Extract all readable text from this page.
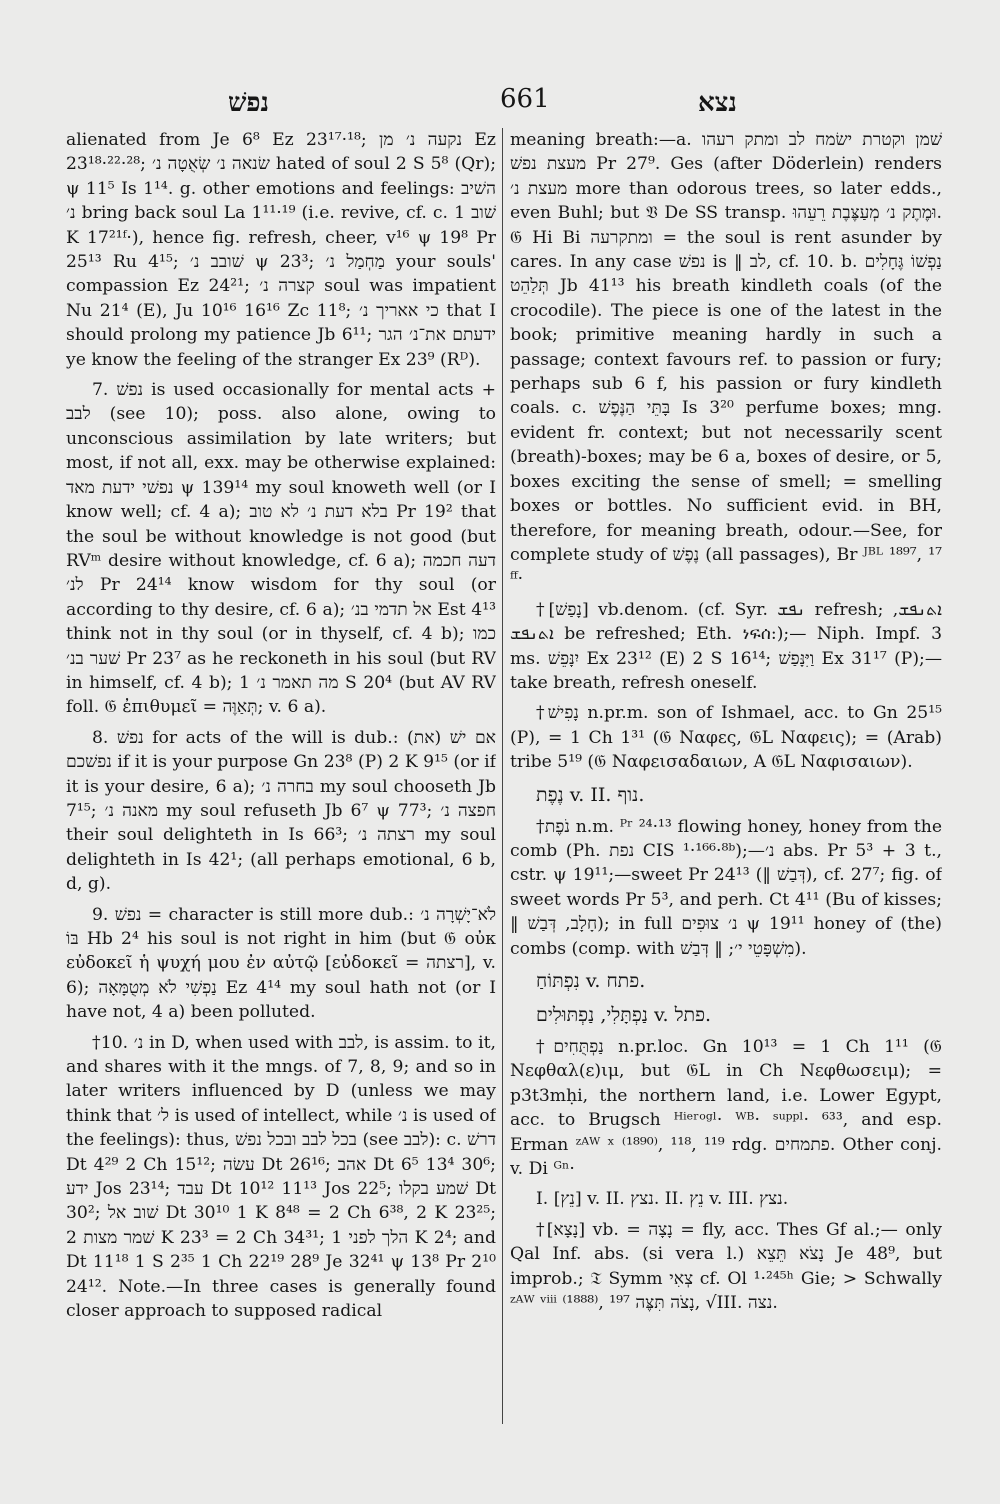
נפשׁ	661	נצא

alienated from Je 6⁸ Ez 23¹⁷·¹⁸; נקעה נ׳ מן Ez 23¹⁸·²²·²⁸; שׂנאה נ׳ שְׂאֻטָה נ׳ hated of soul 2 S 5⁸ (Qr); ψ 11⁵ Is 1¹⁴. g. other emotions and feelings: השׁיב נ׳ bring back soul La 1¹¹·¹⁹ (i.e. revive, cf. c. שׁוב 1 K 17²¹ᶠ·), hence fig. refresh, cheer, v¹⁶ ψ 19⁸ Pr 25¹³ Ru 4¹⁵; שׁובב נ׳ ψ 23³; מַחְמַל נ׳ your souls' compassion Ez 24²¹; קצרה נ׳ soul was impatient Nu 21⁴ (E), Ju 10¹⁶ 16¹⁶ Zc 11⁸; כי אאריך נ׳ that I should prolong my patience Jb 6¹¹; ידעתם את־נ׳ הגר ye know the feeling of the stranger Ex 23⁹ (Rᴰ).

7. נפשׁ is used occasionally for mental acts + לבב (see 10); poss. also alone, owing to unconscious assimilation by late writers; but most, if not all, exx. may be otherwise explained: נפשׁי ידעת מאד ψ 139¹⁴ my soul knoweth well (or I know well; cf. 4 a); בלא דעת נ׳ לא טוב Pr 19² that the soul be without knowledge is not good (but RVᵐ desire without knowledge, cf. 6 a); דעה חכמה לנ׳ Pr 24¹⁴ know wisdom for thy soul (or according to thy desire, cf. 6 a); אל תדמי בנ׳ Est 4¹³ think not in thy soul (or in thyself, cf. 4 b); כמו שׁער בנ׳ Pr 23⁷ as he reckoneth in his soul (but RV in himself, cf. 4 b); מה תאמר נ׳ 1 S 20⁴ (but AV RV foll. 𝔊 ἐπιθυμεῖ = תְּאַוֶּה; v. 6 a).

8. נפשׁ for acts of the will is dub.: אם ישׁ (את) נפשׁכם if it is your purpose Gn 23⁸ (P) 2 K 9¹⁵ (or if it is your desire, 6 a); בחרה נ׳ my soul chooseth Jb 7¹⁵; מאנה נ׳ my soul refuseth Jb 6⁷ ψ 77³; חפצה נ׳ their soul delighteth in Is 66³; רצתה נ׳ my soul delighteth in Is 42¹; (all perhaps emotional, 6 b, d, g).

9. נפשׁ = character is still more dub.: לֹא־יָשְׁרָה נ׳ בּוֹ Hb 2⁴ his soul is not right in him (but 𝔊 οὐκ εὐδοκεῖ ἡ ψυχή μου ἐν αὐτῷ [εὐδοκεῖ = רצתה], v. 6); נַפְשִׁי לֹא מְטֻמָּאָה Ez 4¹⁴ my soul hath not (or I have not, 4 a) been polluted.

†10. נ׳ in D, when used with לבב, is assim. to it, and shares with it the mngs. of 7, 8, 9; and so in later writers influenced by D (unless we may think that ל׳ is used of intellect, while נ׳ is used of the feelings): thus, בכל לבב ובכל נפשׁ (see לבב): c. דרשׁ Dt 4²⁹ 2 Ch 15¹²; עשׂה Dt 26¹⁶; אהב Dt 6⁵ 13⁴ 30⁶; ידע Jos 23¹⁴; עבד Dt 10¹² 11¹³ Jos 22⁵; שׁמע בקלו Dt 30²; שׁוב אל Dt 30¹⁰ 1 K 8⁴⁸ = 2 Ch 6³⁸, 2 K 23²⁵; שׁמר מצות 2 K 23³ = 2 Ch 34³¹; הלך לפני 1 K 2⁴; and Dt 11¹⁸ 1 S 2³⁵ 1 Ch 22¹⁹ 28⁹ Je 32⁴¹ ψ 13⁸ Pr 2¹⁰ 24¹². Note.—In three cases is generally found closer approach to supposed radical

meaning breath:—a. שׁמן וקטרת ישׂמח לב ומתק רעהו מעצת נפשׁ Pr 27⁹. Ges (after Döderlein) renders מעצת נ׳ more than odorous trees, so later edds., even Buhl; but 𝔙 De SS transp. וּמֶתֶק נ׳ מְעַצֶּבֶת רֵעֵהוּ. 𝔊 Hi Bi ומתקרעה = the soul is rent asunder by cares. In any case נפשׁ is ‖ לב, cf. 10. b. נַפְשׁוֹ גֶּחָלִים תְּלַהֵט Jb 41¹³ his breath kindleth coals (of the crocodile). The piece is one of the latest in the book; primitive meaning hardly in such a passage; context favours ref. to passion or fury; perhaps sub 6 f, his passion or fury kindleth coals. c. בָּתֵּי הַנֶּפֶשׁ Is 3²⁰ perfume boxes; mng. evident fr. context; but not necessarily scent (breath)-boxes; may be 6 a, boxes of desire, or 5, boxes exciting the sense of smell; = smelling boxes or bottles. No sufficient evid. in BH, therefore, for meaning breath, odour.—See, for complete study of נֶפֶשׁ (all passages), Br ᴶᴮᴸ ¹⁸⁹⁷, ¹⁷ ᶠᶠ·

†[נָפַשׁ] vb.denom. (cf. Syr. ܢܦܫ refresh; ܐܬܢܦܫ, ܐܬܢܦܫ be refreshed; Eth. ነፍሰ:);— Niph. Impf. 3 ms. יִנָּפֵשׁ Ex 23¹² (E) 2 S 16¹⁴; וַיִּנָּפַשׁ Ex 31¹⁷ (P);—take breath, refresh oneself.

†נָפִישׁ n.pr.m. son of Ishmael, acc. to Gn 25¹⁵ (P), = 1 Ch 1³¹ (𝔊 Ναφες, 𝔊L Ναφεις); = (Arab) tribe 5¹⁹ (𝔊 Ναφεισαδαιων, A 𝔊L Ναφισαιων).

נֶפֶת v. II. נוף.

†נֹפֶת n.m. ᴾʳ ²⁴·¹³ flowing honey, honey from the comb (Ph. נפת CIS ¹·¹⁶⁶·⁸ᵇ);—נ׳ abs. Pr 5³ + 3 t., cstr. ψ 19¹¹;—sweet Pr 24¹³ (‖ דְּבַשׁ), cf. 27⁷; fig. of sweet words Pr 5³, and perh. Ct 4¹¹ (Bu of kisses; ‖ חָלָב, דְּבַשׁ); in full נ׳ צוּפִים ψ 19¹¹ honey of (the) combs (comp. with מִשְׁפָּטֵי י׳; ‖ דְּבַשׁ).

נִפְתּוֹחַ v. פתח.

נַפְתָּלִי, נַפְתּוּלִים v. פתל.

†נַפְתֻּחִים n.pr.loc. Gn 10¹³ = 1 Ch 1¹¹ (𝔊 Νεφθαλ(ε)ιμ, but 𝔊L in Ch Νεφθωσειμ); = p3t3mḥi, the northern land, i.e. Lower Egypt, acc. to Brugsch ᴴⁱᵉʳᵒᵍˡ· ᵂᴮ· ˢᵘᵖᵖˡ· ⁶³³, and esp. Erman ᶻᴬᵂ ˣ ⁽¹⁸⁹⁰⁾, ¹¹⁸, ¹¹⁹ rdg. פתמחים. Other conj. v. Di ᴳⁿ·

I. [נֵץ] v. II. נצץ. II. נֵץ v. III. נצץ.

†[נָצָא] vb. = נָצָה = fly, acc. Thes Gf al.;— only Qal Inf. abs. (si vera l.) נָצֹא תֵּצֵא Je 48⁹, but improb.; 𝔗 Symm צְאִי cf. Ol ¹·²⁴⁵ʰ Gie; > Schwally ᶻᴬᵂ ᵛⁱⁱⁱ ⁽¹⁸⁸⁸⁾, ¹⁹⁷ נָצֹה תִּצֶּה, √III. נצה.
